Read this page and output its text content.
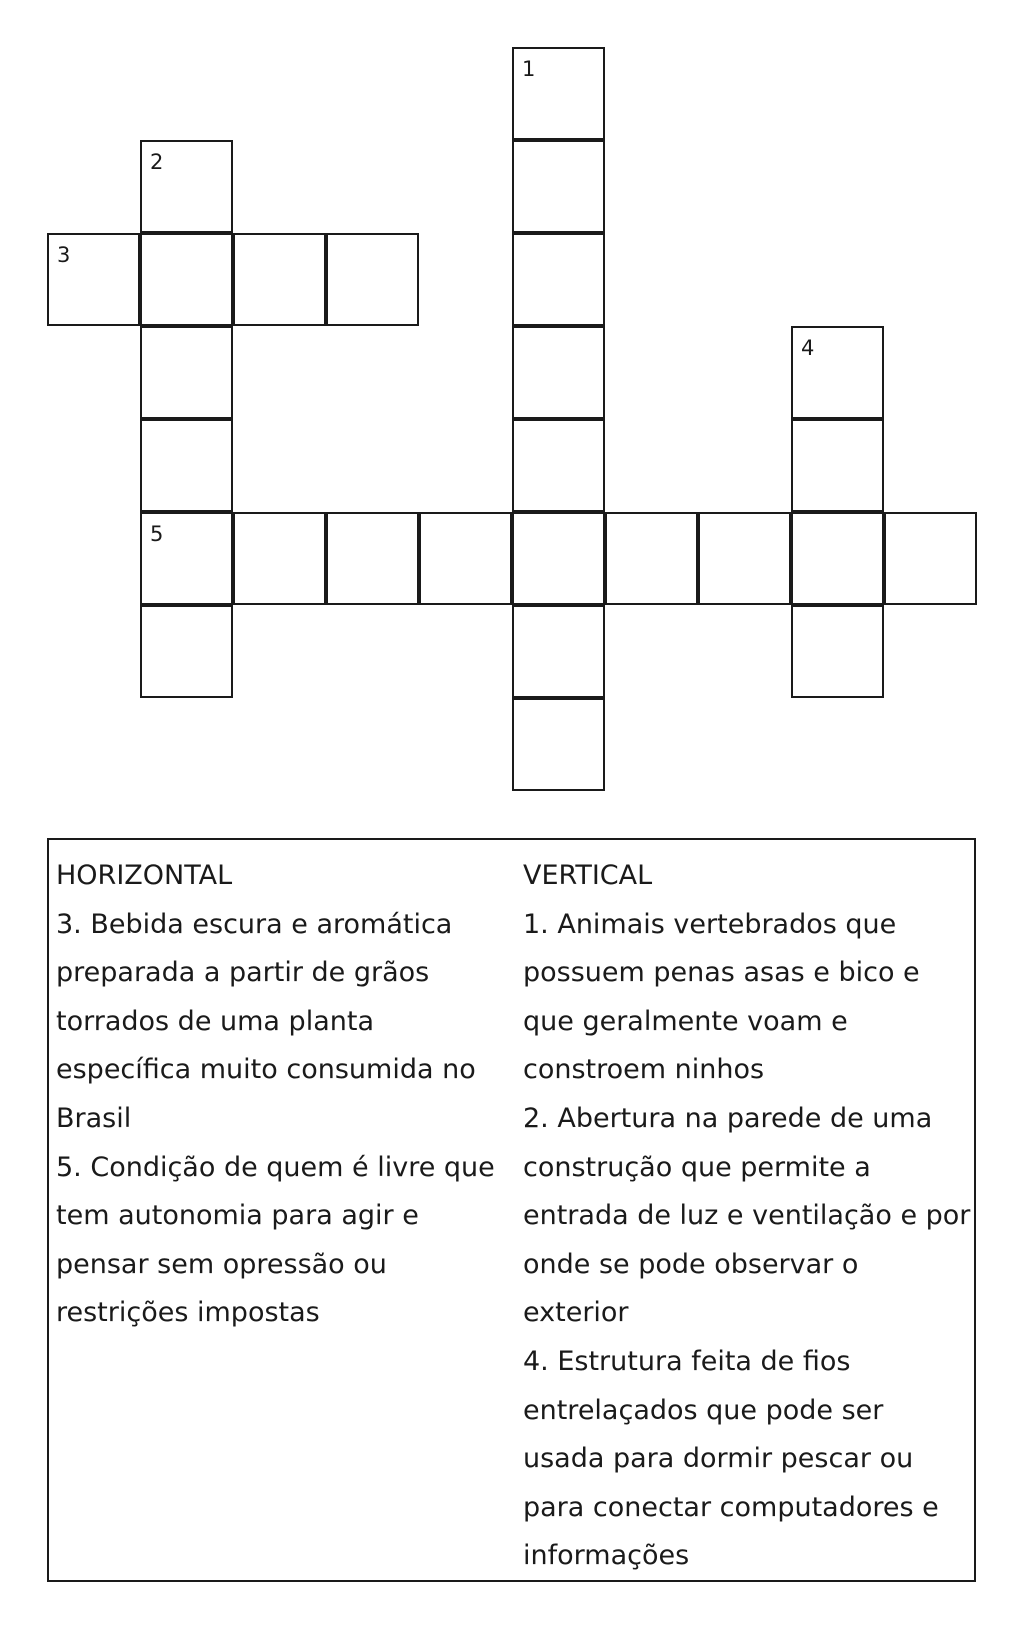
1
2
3
4
5
HORIZONTAL
3. Bebida escura e aromática preparada a partir de grãos torrados de uma planta específica muito consumida no Brasil
5. Condição de quem é livre que tem autonomia para agir e pensar sem opressão ou restrições impostas
VERTICAL
1. Animais vertebrados que possuem penas asas e bico e que geralmente voam e constroem ninhos
2. Abertura na parede de uma construção que permite a entrada de luz e ventilação e por onde se pode observar o exterior
4. Estrutura feita de fios entrelaçados que pode ser usada para dormir pescar ou para conectar computadores e informações
